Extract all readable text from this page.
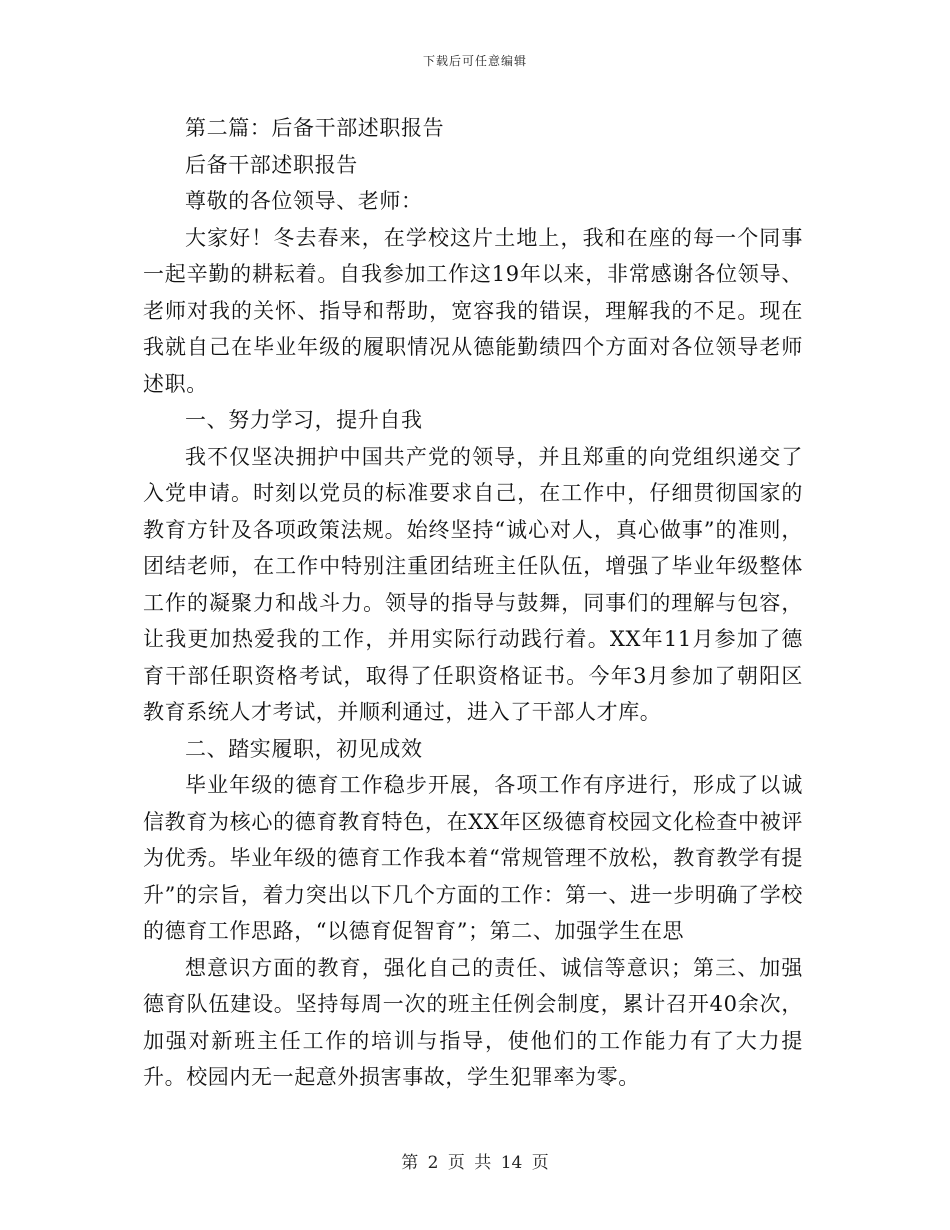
下载后可任意编辑

第二篇：后备干部述职报告

后备干部述职报告

尊敬的各位领导、老师：

大家好！冬去春来，在学校这片土地上，我和在座的每一个同事一起辛勤的耕耘着。自我参加工作这19年以来，非常感谢各位领导、老师对我的关怀、指导和帮助，宽容我的错误，理解我的不足。现在我就自己在毕业年级的履职情况从德能勤绩四个方面对各位领导老师述职。

一、努力学习，提升自我

我不仅坚决拥护中国共产党的领导，并且郑重的向党组织递交了入党申请。时刻以党员的标准要求自己，在工作中，仔细贯彻国家的教育方针及各项政策法规。始终坚持“诚心对人，真心做事”的准则，团结老师，在工作中特别注重团结班主任队伍，增强了毕业年级整体工作的凝聚力和战斗力。领导的指导与鼓舞，同事们的理解与包容，让我更加热爱我的工作，并用实际行动践行着。XX年11月参加了德育干部任职资格考试，取得了任职资格证书。今年3月参加了朝阳区教育系统人才考试，并顺利通过，进入了干部人才库。

二、踏实履职，初见成效

毕业年级的德育工作稳步开展，各项工作有序进行，形成了以诚信教育为核心的德育教育特色，在XX年区级德育校园文化检查中被评为优秀。毕业年级的德育工作我本着“常规管理不放松，教育教学有提升”的宗旨，着力突出以下几个方面的工作：第一、进一步明确了学校的德育工作思路，“以德育促智育”；第二、加强学生在思

想意识方面的教育，强化自己的责任、诚信等意识；第三、加强德育队伍建设。坚持每周一次的班主任例会制度，累计召开40余次，加强对新班主任工作的培训与指导，使他们的工作能力有了大力提升。校园内无一起意外损害事故，学生犯罪率为零。

第 2 页 共 14 页
